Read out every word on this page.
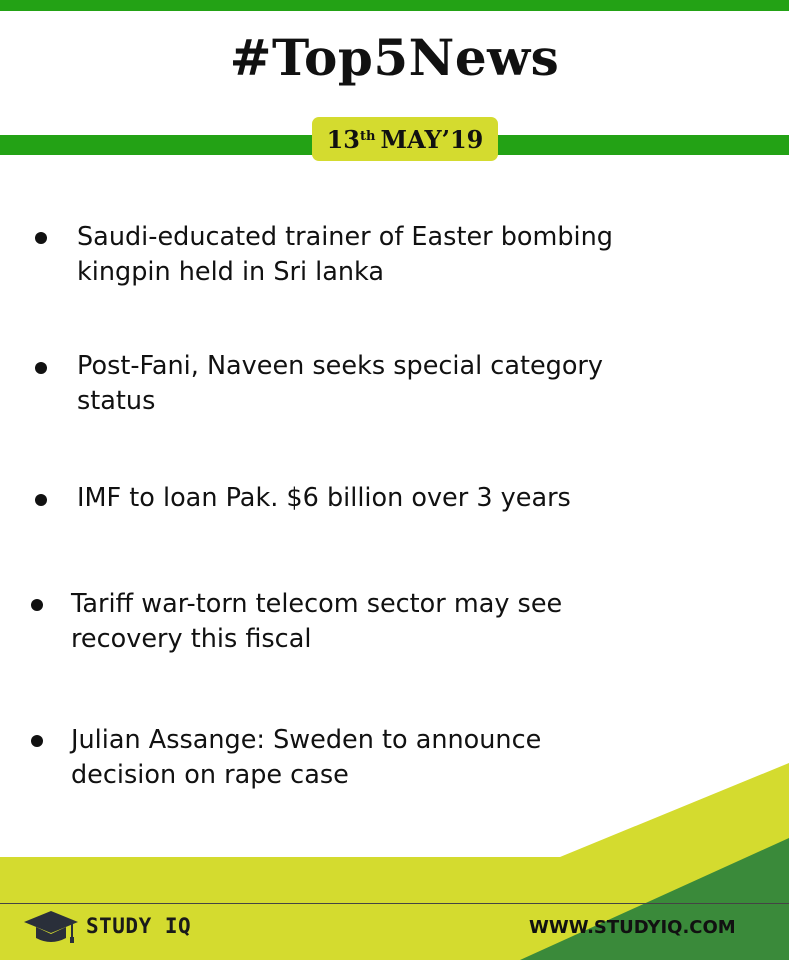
#Top5News
13th MAY’19
Saudi-educated trainer of Easter bombing
kingpin held in Sri lanka
Post-Fani, Naveen seeks special category
status
IMF to loan Pak. $6 billion over 3 years
Tariff war-torn telecom sector may see
recovery this fiscal
Julian Assange: Sweden to announce
decision on rape case
STUDY IQ	WWW.STUDYIQ.COM
